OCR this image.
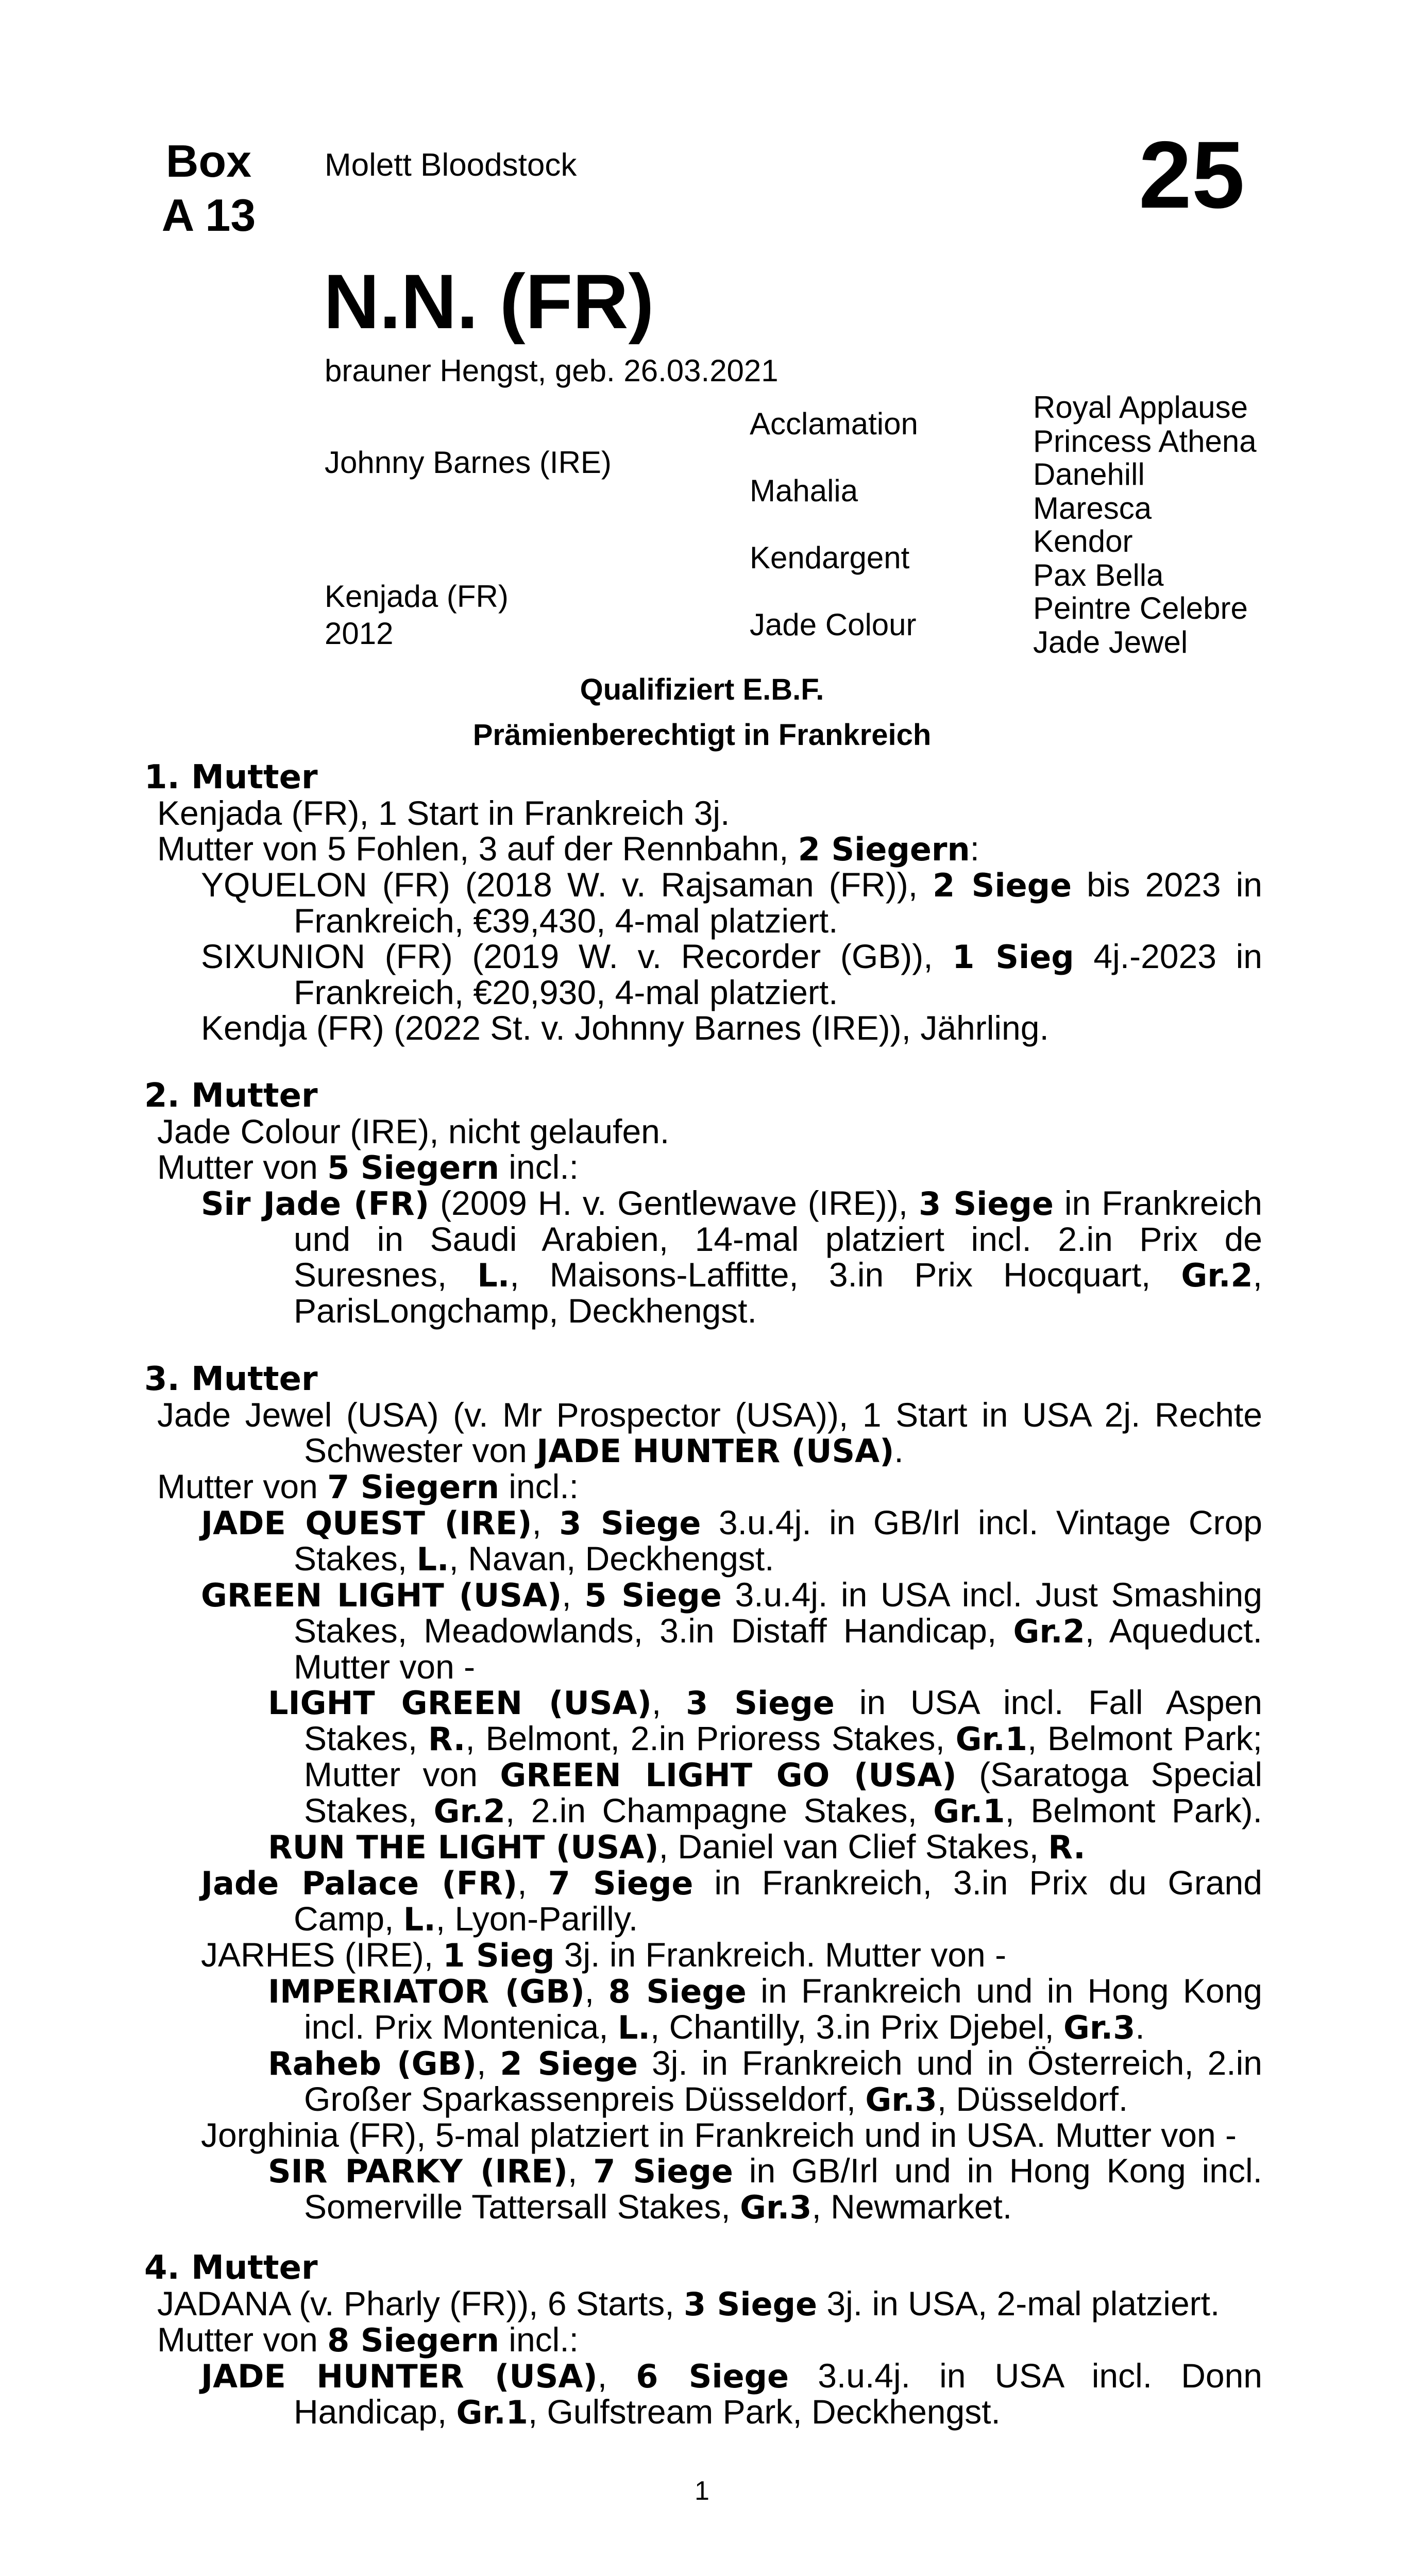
Box
A 13
Molett Bloodstock	25
N.N. (FR)
brauner Hengst, geb. 26.03.2021
Johnny Barnes (IRE)
Kenjada (FR)
2012
Acclamation
Mahalia
Kendargent
Jade Colour
Royal Applause
Princess Athena
Danehill
Maresca
Kendor
Pax Bella
Peintre Celebre
Jade Jewel
Qualifiziert E.B.F.
Prämienberechtigt in Frankreich
1. Mutter
Kenjada (FR), 1 Start in Frankreich 3j.
Mutter von 5 Fohlen, 3 auf der Rennbahn, 2 Siegern:
YQUELON (FR) (2018 W. v. Rajsaman (FR)), 2 Siege bis 2023 in
Frankreich, €39,430, 4-mal platziert.
SIXUNION (FR) (2019 W. v. Recorder (GB)), 1 Sieg 4j.-2023 in
Frankreich, €20,930, 4-mal platziert.
Kendja (FR) (2022 St. v. Johnny Barnes (IRE)), Jährling.
2. Mutter
Jade Colour (IRE), nicht gelaufen.
Mutter von 5 Siegern incl.:
Sir Jade (FR) (2009 H. v. Gentlewave (IRE)), 3 Siege in Frankreich
und in Saudi Arabien, 14-mal platziert incl. 2.in Prix de
Suresnes, L., Maisons-Laffitte, 3.in Prix Hocquart, Gr.2,
ParisLongchamp, Deckhengst.
3. Mutter
Jade Jewel (USA) (v. Mr Prospector (USA)), 1 Start in USA 2j. Rechte
Schwester von JADE HUNTER (USA).
Mutter von 7 Siegern incl.:
JADE QUEST (IRE), 3 Siege 3.u.4j. in GB/Irl incl. Vintage Crop
Stakes, L., Navan, Deckhengst.
GREEN LIGHT (USA), 5 Siege 3.u.4j. in USA incl. Just Smashing
Stakes, Meadowlands, 3.in Distaff Handicap, Gr.2, Aqueduct.
Mutter von -
LIGHT GREEN (USA), 3 Siege in USA incl. Fall Aspen
Stakes, R., Belmont, 2.in Prioress Stakes, Gr.1, Belmont Park;
Mutter von GREEN LIGHT GO (USA) (Saratoga Special
Stakes, Gr.2, 2.in Champagne Stakes, Gr.1, Belmont Park).
RUN THE LIGHT (USA), Daniel van Clief Stakes, R.
Jade Palace (FR), 7 Siege in Frankreich, 3.in Prix du Grand
Camp, L., Lyon-Parilly.
JARHES (IRE), 1 Sieg 3j. in Frankreich. Mutter von -
IMPERIATOR (GB), 8 Siege in Frankreich und in Hong Kong
incl. Prix Montenica, L., Chantilly, 3.in Prix Djebel, Gr.3.
Raheb (GB), 2 Siege 3j. in Frankreich und in Österreich, 2.in
Großer Sparkassenpreis Düsseldorf, Gr.3, Düsseldorf.
Jorghinia (FR), 5-mal platziert in Frankreich und in USA. Mutter von -
SIR PARKY (IRE), 7 Siege in GB/Irl und in Hong Kong incl.
Somerville Tattersall Stakes, Gr.3, Newmarket.
4. Mutter
JADANA (v. Pharly (FR)), 6 Starts, 3 Siege 3j. in USA, 2-mal platziert.
Mutter von 8 Siegern incl.:
JADE HUNTER (USA), 6 Siege 3.u.4j. in USA incl. Donn
Handicap, Gr.1, Gulfstream Park, Deckhengst.
1
